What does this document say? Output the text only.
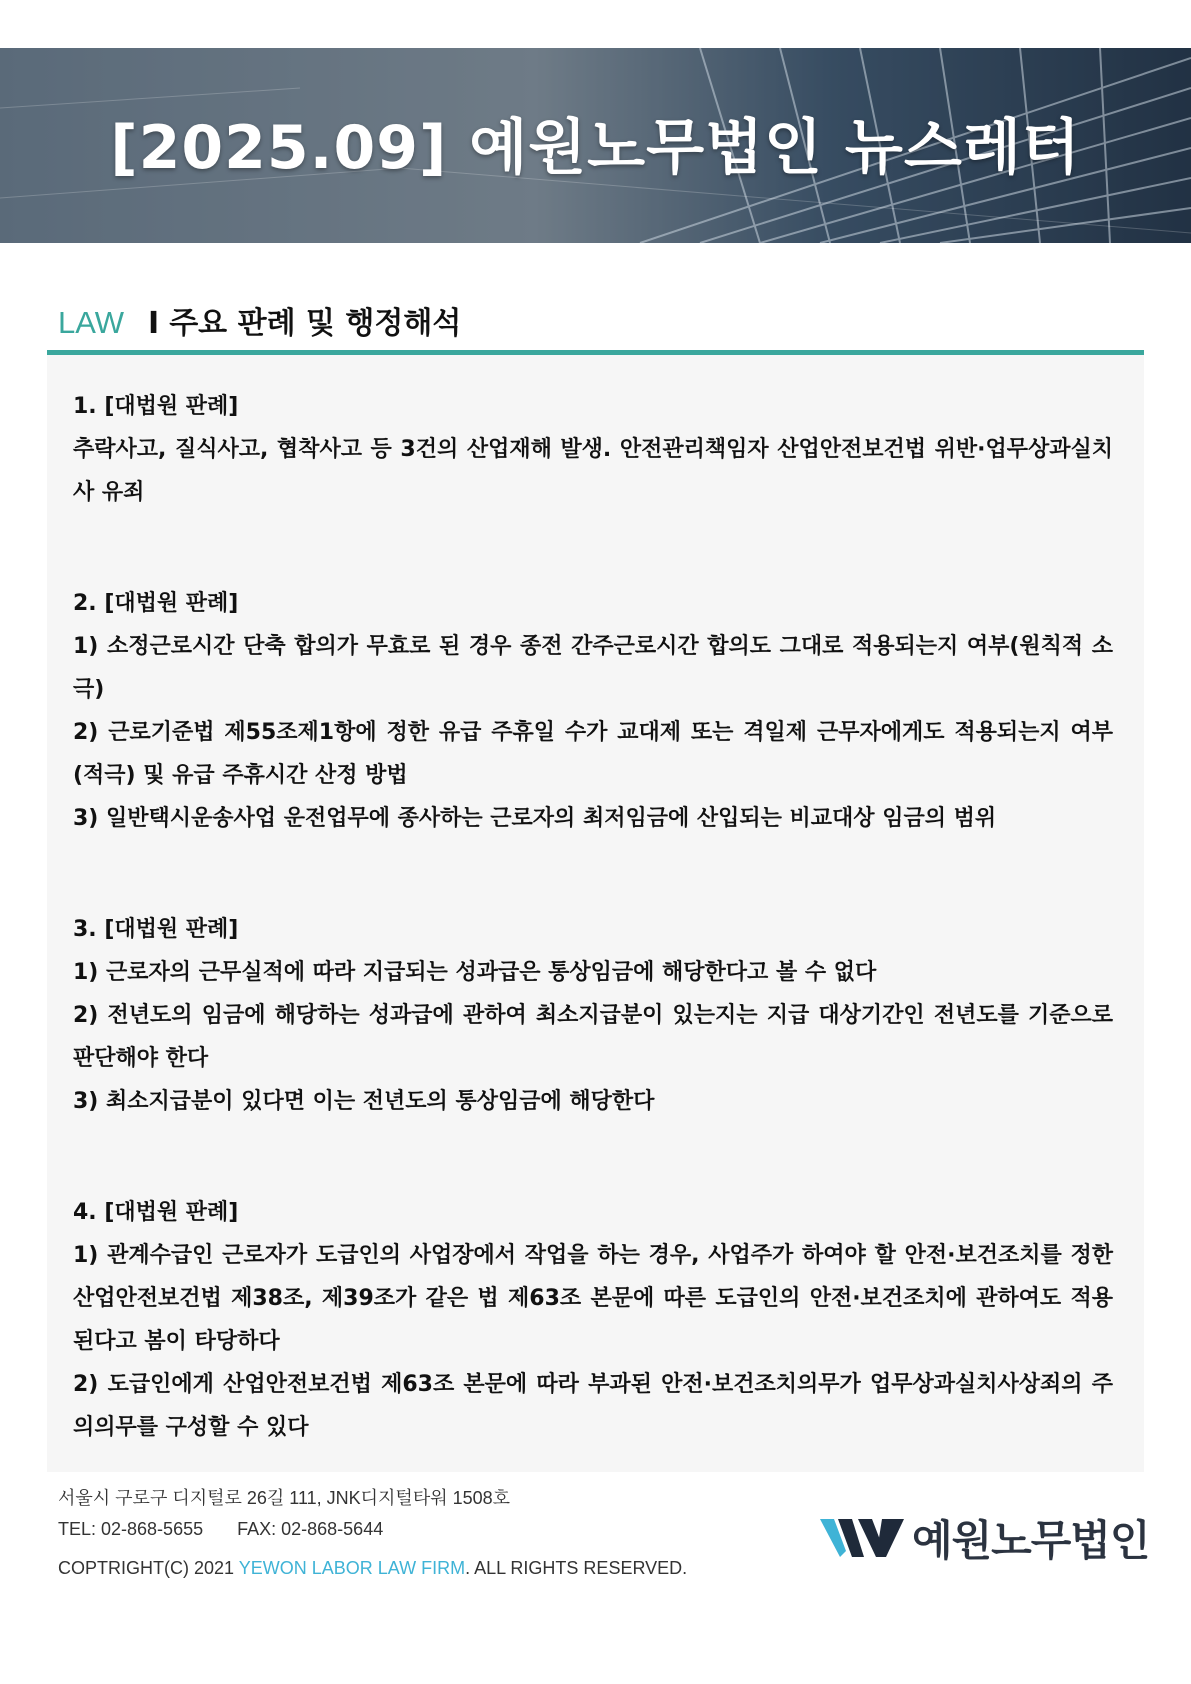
[2025.09] 예원노무법인 뉴스레터
LAW I 주요 판례 및 행정해석

1. [대법원 판례]

추락사고, 질식사고, 협착사고 등 3건의 산업재해 발생. 안전관리책임자 산업안전보건법 위반·업무상과실치사 유죄

2. [대법원 판례]

1) 소정근로시간 단축 합의가 무효로 된 경우 종전 간주근로시간 합의도 그대로 적용되는지 여부(원칙적 소극)

2) 근로기준법 제55조제1항에 정한 유급 주휴일 수가 교대제 또는 격일제 근무자에게도 적용되는지 여부(적극) 및 유급 주휴시간 산정 방법

3) 일반택시운송사업 운전업무에 종사하는 근로자의 최저임금에 산입되는 비교대상 임금의 범위

3. [대법원 판례]

1) 근로자의 근무실적에 따라 지급되는 성과급은 통상임금에 해당한다고 볼 수 없다

2) 전년도의 임금에 해당하는 성과급에 관하여 최소지급분이 있는지는 지급 대상기간인 전년도를 기준으로 판단해야 한다

3) 최소지급분이 있다면 이는 전년도의 통상임금에 해당한다

4. [대법원 판례]

1) 관계수급인 근로자가 도급인의 사업장에서 작업을 하는 경우, 사업주가 하여야 할 안전·보건조치를 정한 산업안전보건법 제38조, 제39조가 같은 법 제63조 본문에 따른 도급인의 안전·보건조치에 관하여도 적용된다고 봄이 타당하다

2) 도급인에게 산업안전보건법 제63조 본문에 따라 부과된 안전·보건조치의무가 업무상과실치사상죄의 주의의무를 구성할 수 있다

서울시 구로구 디지털로 26길 111, JNK디지털타워 1508호
TEL: 02-868-5655 FAX: 02-868-5644
COPTRIGHT(C) 2021 YEWON LABOR LAW FIRM. ALL RIGHTS RESERVED.
예원노무법인
